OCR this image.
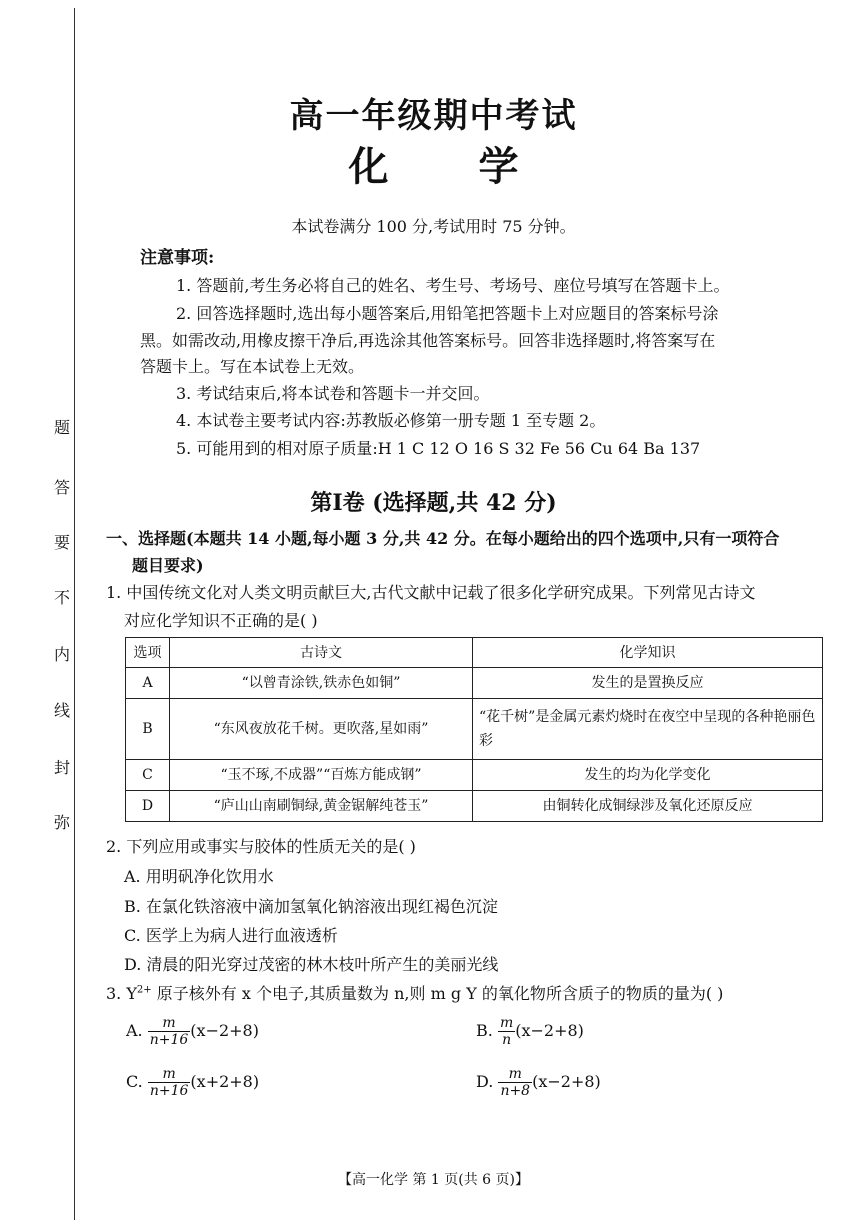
题
答
要
不
内
线
封
弥
高一年级期中考试
化 学
本试卷满分 100 分,考试用时 75 分钟。
注意事项:
1. 答题前,考生务必将自己的姓名、考生号、考场号、座位号填写在答题卡上。
2. 回答选择题时,选出每小题答案后,用铅笔把答题卡上对应题目的答案标号涂
黑。如需改动,用橡皮擦干净后,再选涂其他答案标号。回答非选择题时,将答案写在
答题卡上。写在本试卷上无效。
3. 考试结束后,将本试卷和答题卡一并交回。
4. 本试卷主要考试内容:苏教版必修第一册专题 1 至专题 2。
5. 可能用到的相对原子质量:H 1 C 12 O 16 S 32 Fe 56 Cu 64 Ba 137
第Ⅰ卷 (选择题,共 42 分)
一、选择题(本题共 14 小题,每小题 3 分,共 42 分。在每小题给出的四个选项中,只有一项符合
题目要求)
1. 中国传统文化对人类文明贡献巨大,古代文献中记载了很多化学研究成果。下列常见古诗文
对应化学知识不正确的是( )
选项	古诗文	化学知识
A	“以曾青涂铁,铁赤色如铜”	发生的是置换反应
B	“东风夜放花千树。更吹落,星如雨”	“花千树”是金属元素灼烧时在夜空中呈现的各种艳丽色彩
C	“玉不琢,不成器”“百炼方能成钢”	发生的均为化学变化
D	“庐山山南刷铜绿,黄金锯解纯苍玉”	由铜转化成铜绿涉及氧化还原反应
2. 下列应用或事实与胶体的性质无关的是( )
A. 用明矾净化饮用水
B. 在氯化铁溶液中滴加氢氧化钠溶液出现红褐色沉淀
C. 医学上为病人进行血液透析
D. 清晨的阳光穿过茂密的林木枝叶所产生的美丽光线
3. $Y^{2+}$ 原子核外有 x 个电子,其质量数为 n,则 m g Y 的氧化物所含质子的物质的量为( )
A. $\frac{m}{n+16} (x-2+8)$	B. $\frac{m}{n} (x-2+8)$
C. $\frac{m}{n+16} (x+2+8)$	D. $\frac{m}{n+8} (x-2+8)$
【高一化学 第 1 页(共 6 页)】
